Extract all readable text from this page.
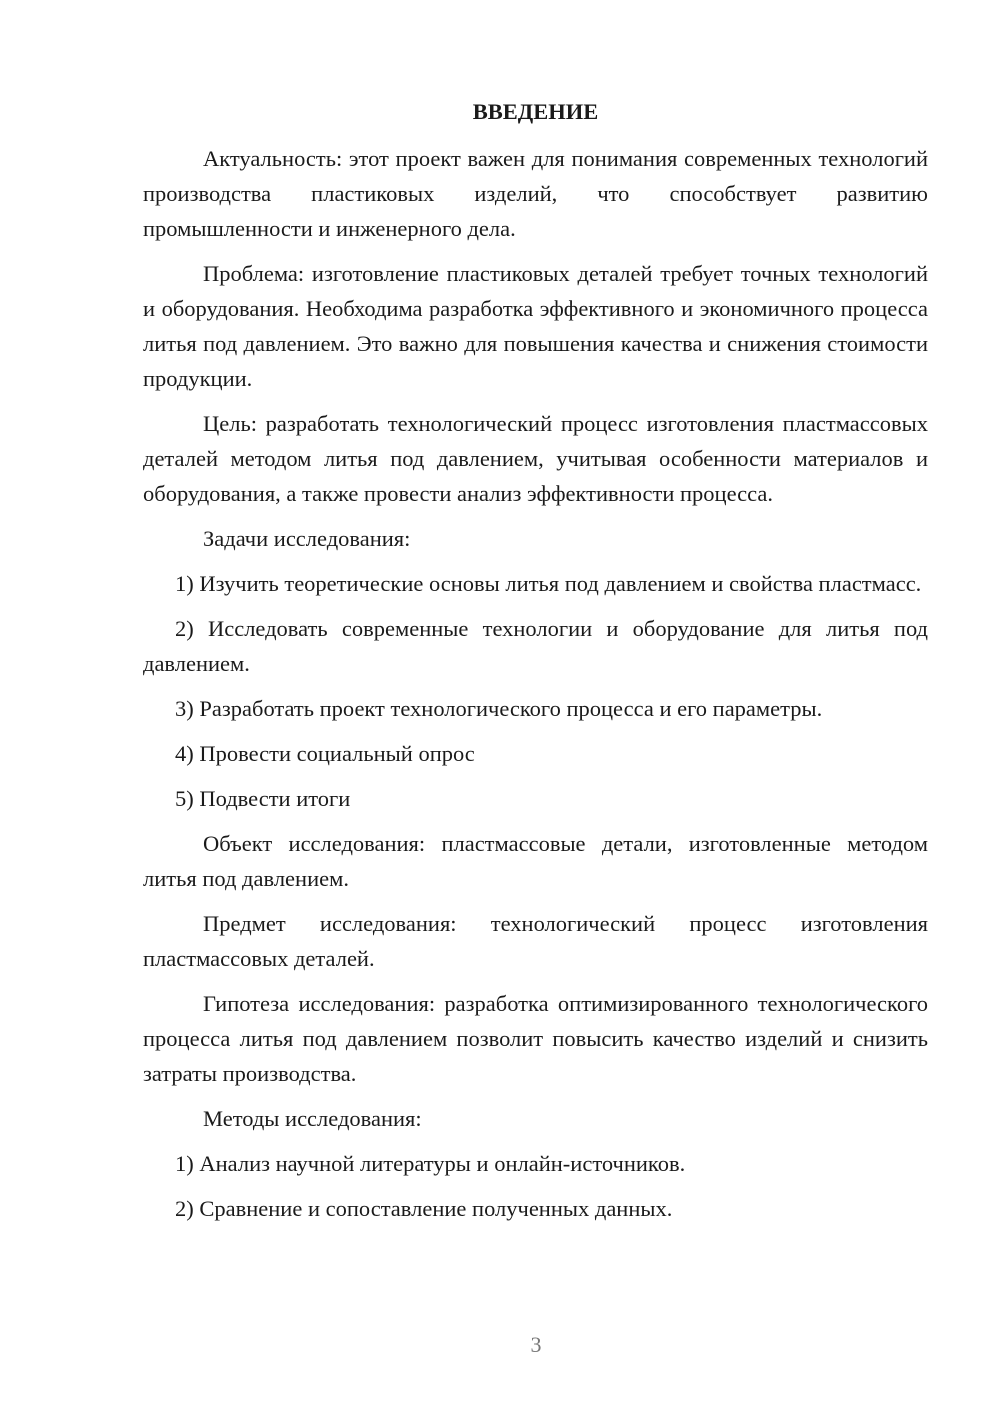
ВВЕДЕНИЕ
Актуальность: этот проект важен для понимания современных технологий производства пластиковых изделий, что способствует развитию промышленности и инженерного дела.
Проблема: изготовление пластиковых деталей требует точных технологий и оборудования. Необходима разработка эффективного и экономичного процесса литья под давлением. Это важно для повышения качества и снижения стоимости продукции.
Цель: разработать технологический процесс изготовления пластмассовых деталей методом литья под давлением, учитывая особенности материалов и оборудования, а также провести анализ эффективности процесса.
Задачи исследования:
1) Изучить теоретические основы литья под давлением и свойства пластмасс.
2) Исследовать современные технологии и оборудование для литья под давлением.
3) Разработать проект технологического процесса и его параметры.
4) Провести социальный опрос
5) Подвести итоги
Объект исследования: пластмассовые детали, изготовленные методом литья под давлением.
Предмет исследования: технологический процесс изготовления пластмассовых деталей.
Гипотеза исследования: разработка оптимизированного технологического процесса литья под давлением позволит повысить качество изделий и снизить затраты производства.
Методы исследования:
1) Анализ научной литературы и онлайн-источников.
2) Сравнение и сопоставление полученных данных.
3
